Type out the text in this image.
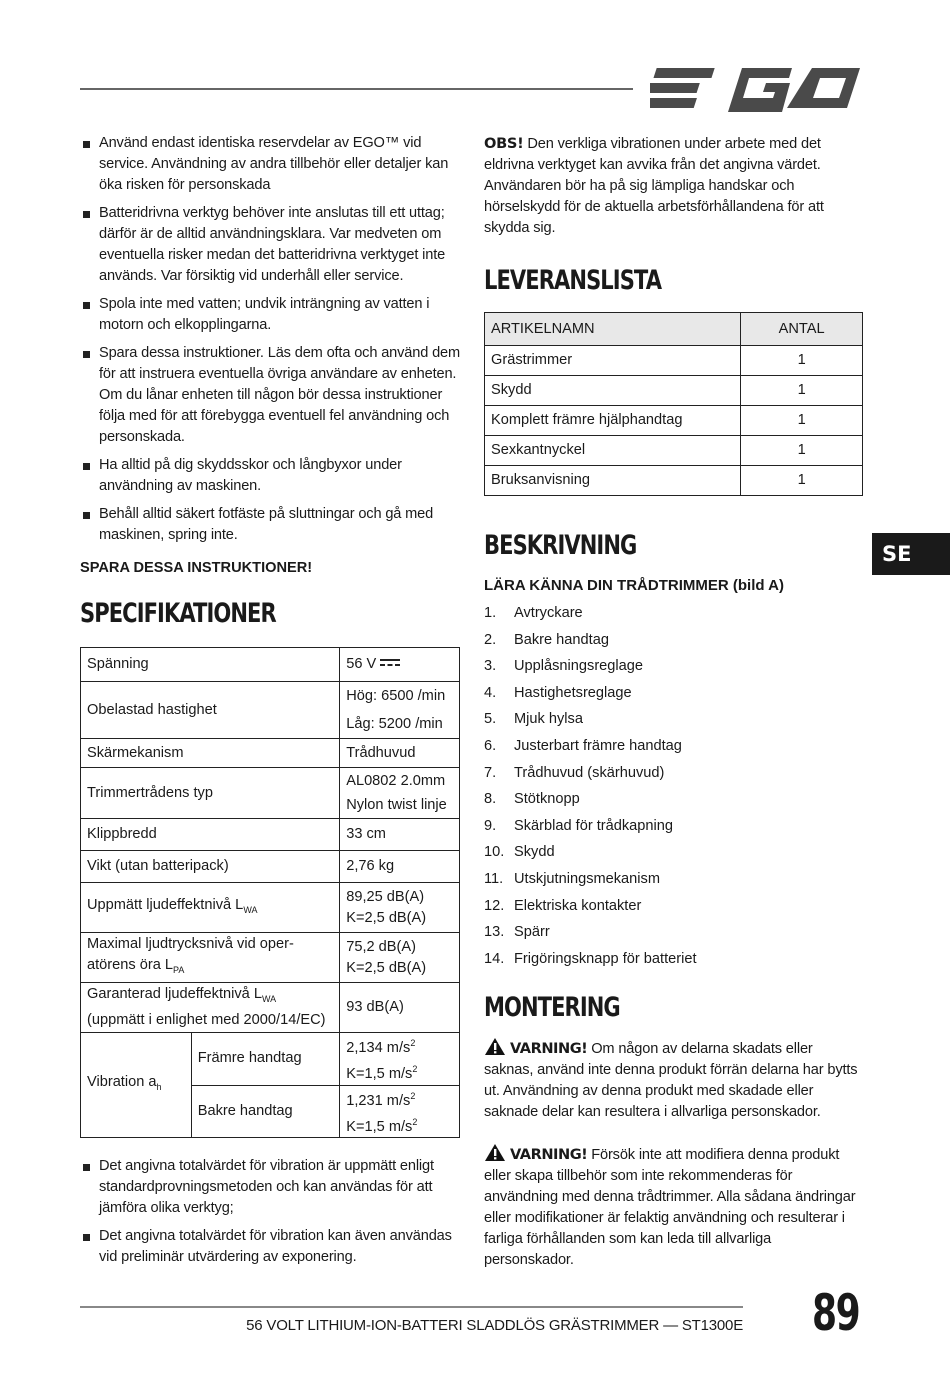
Använd endast identiska reservdelar av EGO™ vid service. Användning av andra tillbehör eller detaljer kan öka risken för personskada
Batteridrivna verktyg behöver inte anslutas till ett uttag; därför är de alltid användningsklara. Var medveten om eventuella risker medan det batteridrivna verktyget inte används. Var försiktig vid underhåll eller service.
Spola inte med vatten; undvik inträngning av vatten i motorn och elkopplingarna.
Spara dessa instruktioner. Läs dem ofta och använd dem för att instruera eventuella övriga användare av enheten. Om du lånar enheten till någon bör dessa instruktioner följa med för att förebygga eventuell fel användning och personskada.
Ha alltid på dig skyddsskor och långbyxor under användning av maskinen.
Behåll alltid säkert fotfäste på sluttningar och gå med maskinen, spring inte.

SPARA DESSA INSTRUKTIONER!

SPECIFIKATIONER
Spänning		56 V
Obelastad hastighet		Hög: 6500 /min
Låg: 5200 /min
Skärmekanism		Trådhuvud
Trimmertrådens typ		AL0802 2.0mm
Nylon twist linje
Klippbredd		33 cm
Vikt (utan batteripack)		2,76 kg
Uppmätt ljudeffektnivå $L_{WA}$		89,25 dB(A)
K=2,5 dB(A)
Maximal ljudtrycksnivå vid oper-
atörens öra $L_{PA}$		75,2 dB(A)
K=2,5 dB(A)
Garanterad ljudeffektnivå $L_{WA}$
(uppmätt i enlighet med 2000/14/EC)		93 dB(A)
Vibration $a_h$	Främre handtag	2,134 $m/s^2$
K=1,5 $m/s^2$
	Bakre handtag	1,231 $m/s^2$
K=1,5 $m/s^2$
Det angivna totalvärdet för vibration är uppmätt enligt standardprovningsmetoden och kan användas för att jämföra olika verktyg;
Det angivna totalvärdet för vibration kan även användas vid preliminär utvärdering av exponering.

OBS! Den verkliga vibrationen under arbete med det eldrivna verktyget kan avvika från det angivna värdet. Användaren bör ha på sig lämpliga handskar och hörselskydd för de aktuella arbetsförhållandena för att skydda sig.

LEVERANSLISTA
ARTIKELNAMN	ANTAL
Grästrimmer	1
Skydd	1
Komplett främre hjälphandtag	1
Sexkantnyckel	1
Bruksanvisning	1
BESKRIVNING
LÄRA KÄNNA DIN TRÅDTRIMMER (bild A)
1. Avtryckare
2. Bakre handtag
3. Upplåsningsreglage
4. Hastighetsreglage
5. Mjuk hylsa
6. Justerbart främre handtag
7. Trådhuvud (skärhuvud)
8. Stötknopp
9. Skärblad för trådkapning
10. Skydd
11. Utskjutningsmekanism
12. Elektriska kontakter
13. Spärr
14. Frigöringsknapp för batteriet
MONTERING

VARNING! Om någon av delarna skadats eller saknas, använd inte denna produkt förrän delarna har bytts ut. Användning av denna produkt med skadade eller saknade delar kan resultera i allvarliga personskador.

VARNING! Försök inte att modifiera denna produkt eller skapa tillbehör som inte rekommenderas för användning med denna trådtrimmer. Alla sådana ändringar eller modifikationer är felaktig användning och resulterar i farliga förhållanden som kan leda till allvarliga personskador.

SE
56 VOLT LITHIUM-ION-BATTERI SLADDLÖS GRÄSTRIMMER — ST1300E 89
